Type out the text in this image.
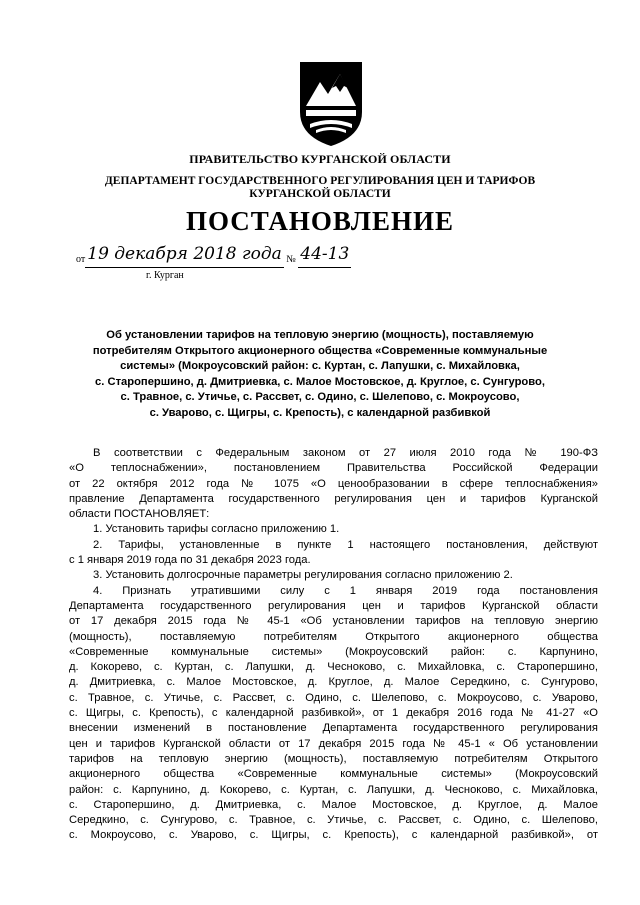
ПРАВИТЕЛЬСТВО КУРГАНСКОЙ ОБЛАСТИ
ДЕПАРТАМЕНТ ГОСУДАРСТВЕННОГО РЕГУЛИРОВАНИЯ ЦЕН И ТАРИФОВ
КУРГАНСКОЙ ОБЛАСТИ
ПОСТАНОВЛЕНИЕ
от 19 декабря 2018 года № 44-13
г. Курган
Об установлении тарифов на тепловую энергию (мощность), поставляемую
потребителям Открытого акционерного общества «Современные коммунальные
системы» (Мокроусовский район: с. Куртан, с. Лапушки, с. Михайловка,
с. Старопершино, д. Дмитриевка, с. Малое Мостовское, д. Круглое, с. Сунгурово,
с. Травное, с. Утичье, с. Рассвет, с. Одино, с. Шелепово, с. Мокроусово,
с. Уварово, с. Щигры, с. Крепость), с календарной разбивкой
В соответствии с Федеральным законом от 27 июля 2010 года № 190-ФЗ
«О теплоснабжении», постановлением Правительства Российской Федерации
от 22 октября 2012 года № 1075 «О ценообразовании в сфере теплоснабжения»
правление Департамента государственного регулирования цен и тарифов Курганской
области ПОСТАНОВЛЯЕТ:
1. Установить тарифы согласно приложению 1.
2. Тарифы, установленные в пункте 1 настоящего постановления, действуют
с 1 января 2019 года по 31 декабря 2023 года.
3. Установить долгосрочные параметры регулирования согласно приложению 2.
4. Признать утратившими силу с 1 января 2019 года постановления
Департамента государственного регулирования цен и тарифов Курганской области
от 17 декабря 2015 года № 45-1 «Об установлении тарифов на тепловую энергию
(мощность), поставляемую потребителям Открытого акционерного общества
«Современные коммунальные системы» (Мокроусовский район: с. Карпунино,
д. Кокорево, с. Куртан, с. Лапушки, д. Чесноково, с. Михайловка, с. Старопершино,
д. Дмитриевка, с. Малое Мостовское, д. Круглое, д. Малое Середкино, с. Сунгурово,
с. Травное, с. Утичье, с. Рассвет, с. Одино, с. Шелепово, с. Мокроусово, с. Уварово,
с. Щигры, с. Крепость), с календарной разбивкой», от 1 декабря 2016 года № 41-27 «О
внесении изменений в постановление Департамента государственного регулирования
цен и тарифов Курганской области от 17 декабря 2015 года № 45-1 « Об установлении
тарифов на тепловую энергию (мощность), поставляемую потребителям Открытого
акционерного общества «Современные коммунальные системы» (Мокроусовский
район: с. Карпунино, д. Кокорево, с. Куртан, с. Лапушки, д. Чесноково, с. Михайловка,
с. Старопершино, д. Дмитриевка, с. Малое Мостовское, д. Круглое, д. Малое
Середкино, с. Сунгурово, с. Травное, с. Утичье, с. Рассвет, с. Одино, с. Шелепово,
с. Мокроусово, с. Уварово, с. Щигры, с. Крепость), с календарной разбивкой», от
